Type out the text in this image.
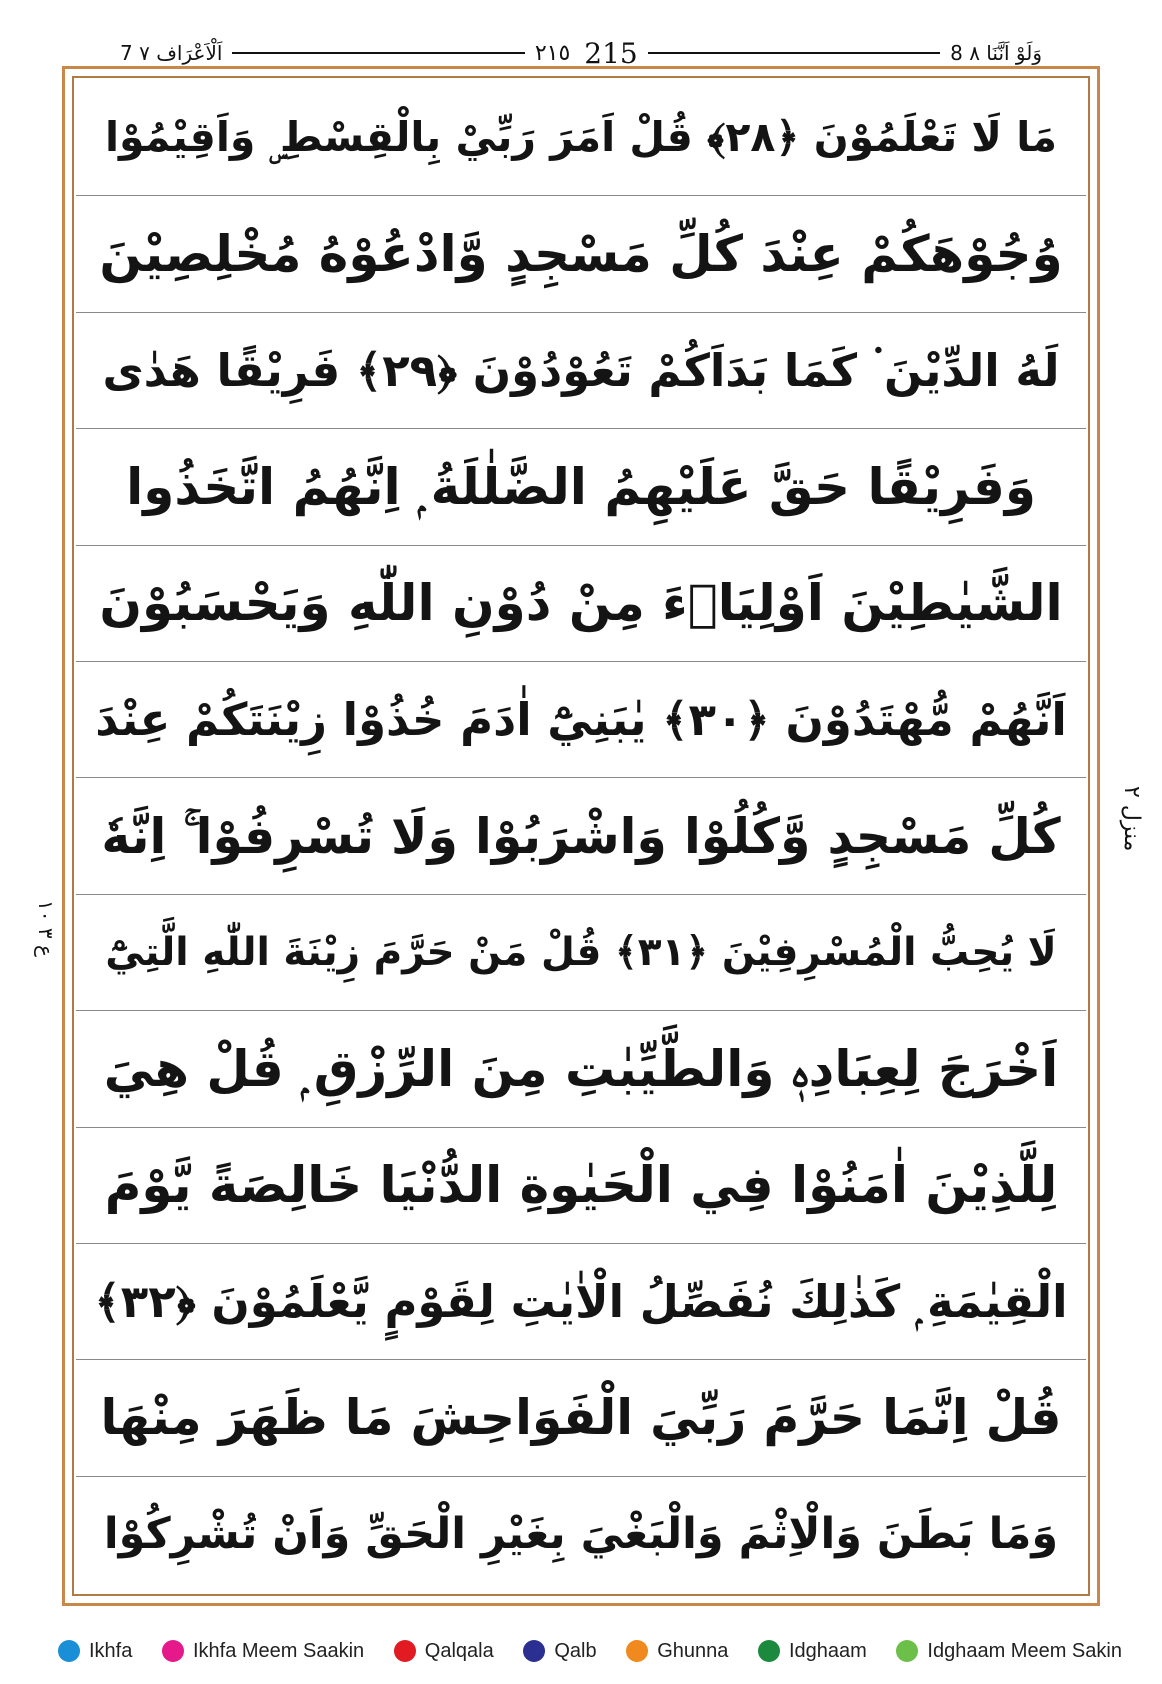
7 اَلْاَعْرَاف ٧	٢١٥ 215	8 وَلَوْ اَنَّنَا ٨
مَا لَا تَعْلَمُوْنَ ﴿٢٨﴾ قُلْ اَمَرَ رَبِّيْ بِالْقِسْطِ ۣ وَاَقِيْمُوْا
وُجُوْهَكُمْ عِنْدَ كُلِّ مَسْجِدٍ وَّادْعُوْهُ مُخْلِصِيْنَ
لَهُ الدِّيْنَ ۬ كَمَا بَدَاَكُمْ تَعُوْدُوْنَ ﴿٢٩﴾ فَرِيْقًا هَدٰى
وَفَرِيْقًا حَقَّ عَلَيْهِمُ الضَّلٰلَةُ ۭ اِنَّهُمُ اتَّخَذُوا
الشَّيٰطِيْنَ اَوْلِيَاۗءَ مِنْ دُوْنِ اللّٰهِ وَيَحْسَبُوْنَ
اَنَّهُمْ مُّهْتَدُوْنَ ﴿٣٠﴾ يٰبَنِيْٓ اٰدَمَ خُذُوْا زِيْنَتَكُمْ عِنْدَ
كُلِّ مَسْجِدٍ وَّكُلُوْا وَاشْرَبُوْا وَلَا تُسْرِفُوْا ۚ اِنَّهٗ
لَا يُحِبُّ الْمُسْرِفِيْنَ ﴿٣١﴾ قُلْ مَنْ حَرَّمَ زِيْنَةَ اللّٰهِ الَّتِيْٓ
اَخْرَجَ لِعِبَادِهٖ وَالطَّيِّبٰتِ مِنَ الرِّزْقِ ۭ قُلْ هِيَ
لِلَّذِيْنَ اٰمَنُوْا فِي الْحَيٰوةِ الدُّنْيَا خَالِصَةً يَّوْمَ
الْقِيٰمَةِ ۭ كَذٰلِكَ نُفَصِّلُ الْاٰيٰتِ لِقَوْمٍ يَّعْلَمُوْنَ ﴿٣٢﴾
قُلْ اِنَّمَا حَرَّمَ رَبِّيَ الْفَوَاحِشَ مَا ظَهَرَ مِنْهَا
وَمَا بَطَنَ وَالْاِثْمَ وَالْبَغْيَ بِغَيْرِ الْحَقِّ وَاَنْ تُشْرِكُوْا
منزل ٢
ع ٣ ١٠
Ikhfa	Ikhfa Meem Saakin	Qalqala	Qalb	Ghunna	Idghaam	Idghaam Meem Sakin
